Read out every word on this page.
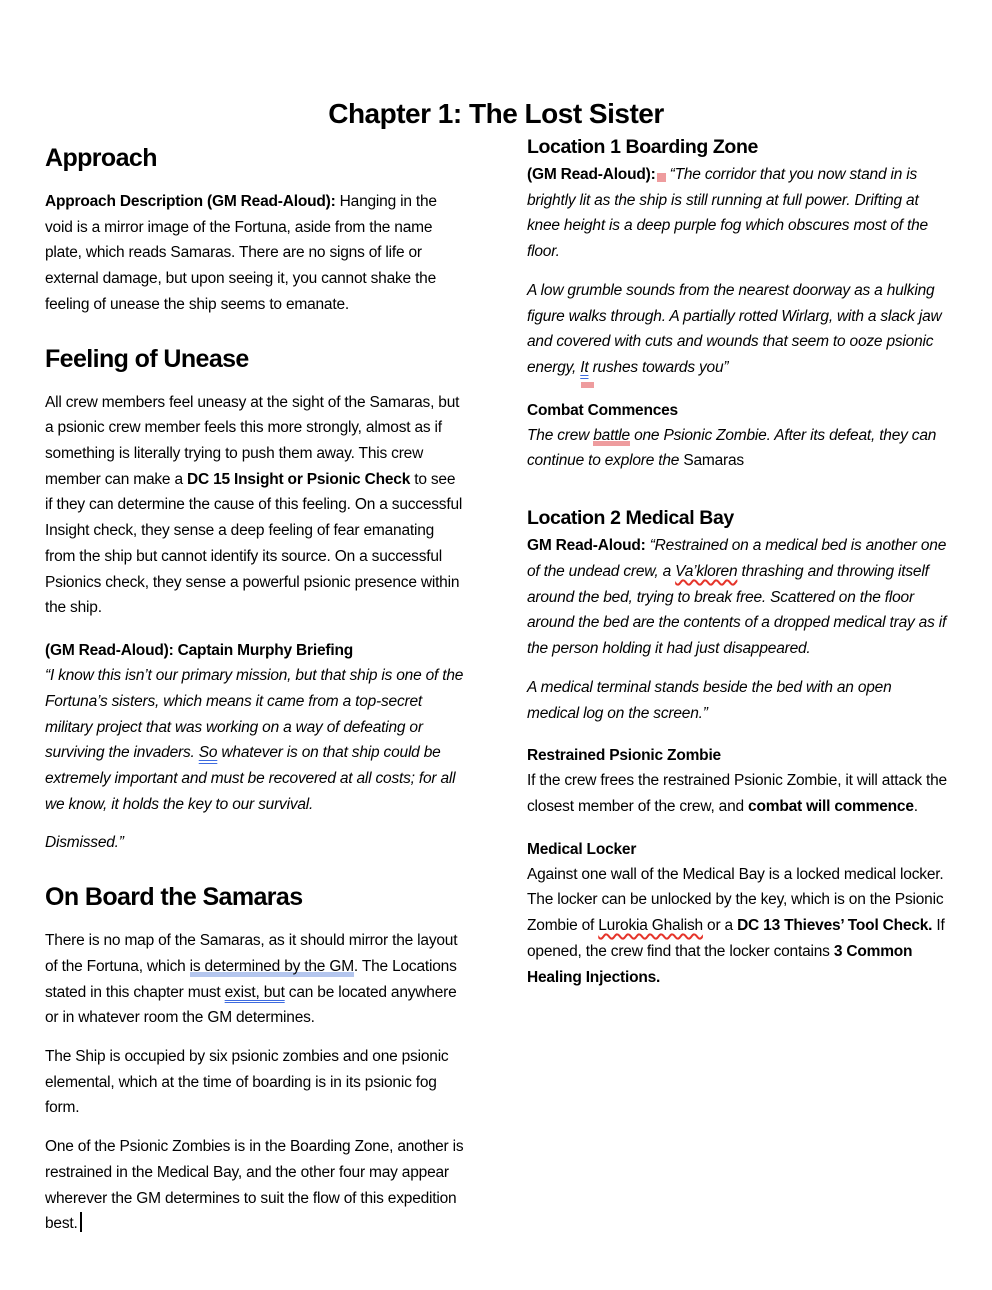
Chapter 1: The Lost Sister
Approach

Approach Description (GM Read-Aloud): Hanging in the void is a mirror image of the Fortuna, aside from the name plate, which reads Samaras. There are no signs of life or external damage, but upon seeing it, you cannot shake the feeling of unease the ship seems to emanate.

Feeling of Unease

All crew members feel uneasy at the sight of the Samaras, but a psionic crew member feels this more strongly, almost as if something is literally trying to push them away. This crew member can make a DC 15 Insight or Psionic Check to see if they can determine the cause of this feeling. On a successful Insight check, they sense a deep feeling of fear emanating from the ship but cannot identify its source. On a successful Psionics check, they sense a powerful psionic presence within the ship.

(GM Read-Aloud): Captain Murphy Briefing

“I know this isn’t our primary mission, but that ship is one of the Fortuna’s sisters, which means it came from a top-secret military project that was working on a way of defeating or surviving the invaders. So whatever is on that ship could be extremely important and must be recovered at all costs; for all we know, it holds the key to our survival.

Dismissed.”

On Board the Samaras

There is no map of the Samaras, as it should mirror the layout of the Fortuna, which is determined by the GM. The Locations stated in this chapter must exist, but can be located anywhere or in whatever room the GM determines.

The Ship is occupied by six psionic zombies and one psionic elemental, which at the time of boarding is in its psionic fog form.

One of the Psionic Zombies is in the Boarding Zone, another is restrained in the Medical Bay, and the other four may appear wherever the GM determines to suit the flow of this expedition best.

Location 1 Boarding Zone

(GM Read-Aloud): “The corridor that you now stand in is brightly lit as the ship is still running at full power. Drifting at knee height is a deep purple fog which obscures most of the floor.

A low grumble sounds from the nearest doorway as a hulking figure walks through. A partially rotted Wirlarg, with a slack jaw and covered with cuts and wounds that seem to ooze psionic energy, It
rushes towards you”

Combat Commences

The crew battle one Psionic Zombie. After its defeat, they can continue to explore the Samaras

Location 2 Medical Bay

GM Read-Aloud: “Restrained on a medical bed is another one of the undead crew, a Va’kloren thrashing and throwing itself around the bed, trying to break free. Scattered on the floor around the bed are the contents of a dropped medical tray as if the person holding it had just disappeared.

A medical terminal stands beside the bed with an open medical log on the screen.”

Restrained Psionic Zombie

If the crew frees the restrained Psionic Zombie, it will attack the closest member of the crew, and combat will commence.

Medical Locker

Against one wall of the Medical Bay is a locked medical locker. The locker can be unlocked by the key, which is on the Psionic Zombie of Lurokia Ghalish or a DC 13 Thieves’ Tool Check. If opened, the crew find that the locker contains 3 Common Healing Injections.
